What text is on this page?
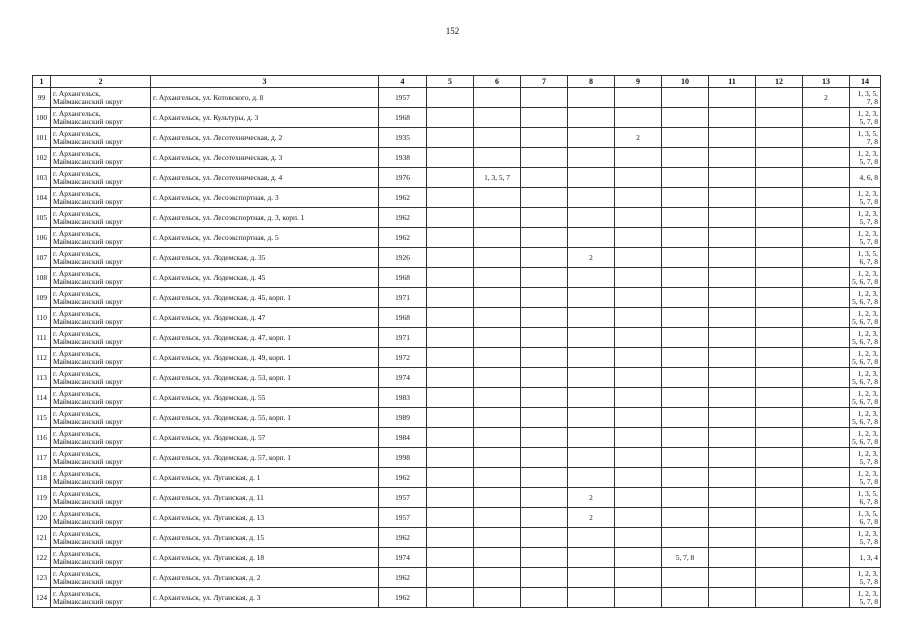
152
1	2	3	4	5	6	7	8	9	10	11	12	13	14
99	г. Архангельск,
Маймаксанский округ	г. Архангельск, ул. Котовского, д. 8	1957									2	1, 3, 5, 7, 8
100	г. Архангельск,
Маймаксанский округ	г. Архангельск, ул. Культуры, д. 3	1968										1, 2, 3, 5, 7, 8
101	г. Архангельск,
Маймаксанский округ	г. Архангельск, ул. Лесотехническая, д. 2	1935					2					1, 3, 5, 7, 8
102	г. Архангельск,
Маймаксанский округ	г. Архангельск, ул. Лесотехническая, д. 3	1938										1, 2, 3, 5, 7, 8
103	г. Архангельск,
Маймаксанский округ	г. Архангельск, ул. Лесотехническая, д. 4	1976		1, 3, 5, 7								4, 6, 8
104	г. Архангельск,
Маймаксанский округ	г. Архангельск, ул. Лесоэкспортная, д. 3	1962										1, 2, 3, 5, 7, 8
105	г. Архангельск,
Маймаксанский округ	г. Архангельск, ул. Лесоэкспортная, д. 3, корп. 1	1962										1, 2, 3, 5, 7, 8
106	г. Архангельск,
Маймаксанский округ	г. Архангельск, ул. Лесоэкспортная, д. 5	1962										1, 2, 3, 5, 7, 8
107	г. Архангельск,
Маймаксанский округ	г. Архангельск, ул. Лодемская, д. 35	1926				2						1, 3, 5, 6, 7, 8
108	г. Архангельск,
Маймаксанский округ	г. Архангельск, ул. Лодемская, д. 45	1968										1, 2, 3, 5, 6, 7, 8
109	г. Архангельск,
Маймаксанский округ	г. Архангельск, ул. Лодемская, д. 45, корп. 1	1971										1, 2, 3, 5, 6, 7, 8
110	г. Архангельск,
Маймаксанский округ	г. Архангельск, ул. Лодемская, д. 47	1968										1, 2, 3, 5, 6, 7, 8
111	г. Архангельск,
Маймаксанский округ	г. Архангельск, ул. Лодемская, д. 47, корп. 1	1971										1, 2, 3, 5, 6, 7, 8
112	г. Архангельск,
Маймаксанский округ	г. Архангельск, ул. Лодемская, д. 49, корп. 1	1972										1, 2, 3, 5, 6, 7, 8
113	г. Архангельск,
Маймаксанский округ	г. Архангельск, ул. Лодемская, д. 53, корп. 1	1974										1, 2, 3, 5, 6, 7, 8
114	г. Архангельск,
Маймаксанский округ	г. Архангельск, ул. Лодемская, д. 55	1983										1, 2, 3, 5, 6, 7, 8
115	г. Архангельск,
Маймаксанский округ	г. Архангельск, ул. Лодемская, д. 55, корп. 1	1989										1, 2, 3, 5, 6, 7, 8
116	г. Архангельск,
Маймаксанский округ	г. Архангельск, ул. Лодемская, д. 57	1984										1, 2, 3, 5, 6, 7, 8
117	г. Архангельск,
Маймаксанский округ	г. Архангельск, ул. Лодемская, д. 57, корп. 1	1998										1, 2, 3, 5, 7, 8
118	г. Архангельск,
Маймаксанский округ	г. Архангельск, ул. Луганская, д. 1	1962										1, 2, 3, 5, 7, 8
119	г. Архангельск,
Маймаксанский округ	г. Архангельск, ул. Луганская, д. 11	1957				2						1, 3, 5, 6, 7, 8
120	г. Архангельск,
Маймаксанский округ	г. Архангельск, ул. Луганская, д. 13	1957				2						1, 3, 5, 6, 7, 8
121	г. Архангельск,
Маймаксанский округ	г. Архангельск, ул. Луганская, д. 15	1962										1, 2, 3, 5, 7, 8
122	г. Архангельск,
Маймаксанский округ	г. Архангельск, ул. Луганская, д. 18	1974						5, 7, 8				1, 3, 4
123	г. Архангельск,
Маймаксанский округ	г. Архангельск, ул. Луганская, д. 2	1962										1, 2, 3, 5, 7, 8
124	г. Архангельск,
Маймаксанский округ	г. Архангельск, ул. Луганская, д. 3	1962										1, 2, 3, 5, 7, 8
